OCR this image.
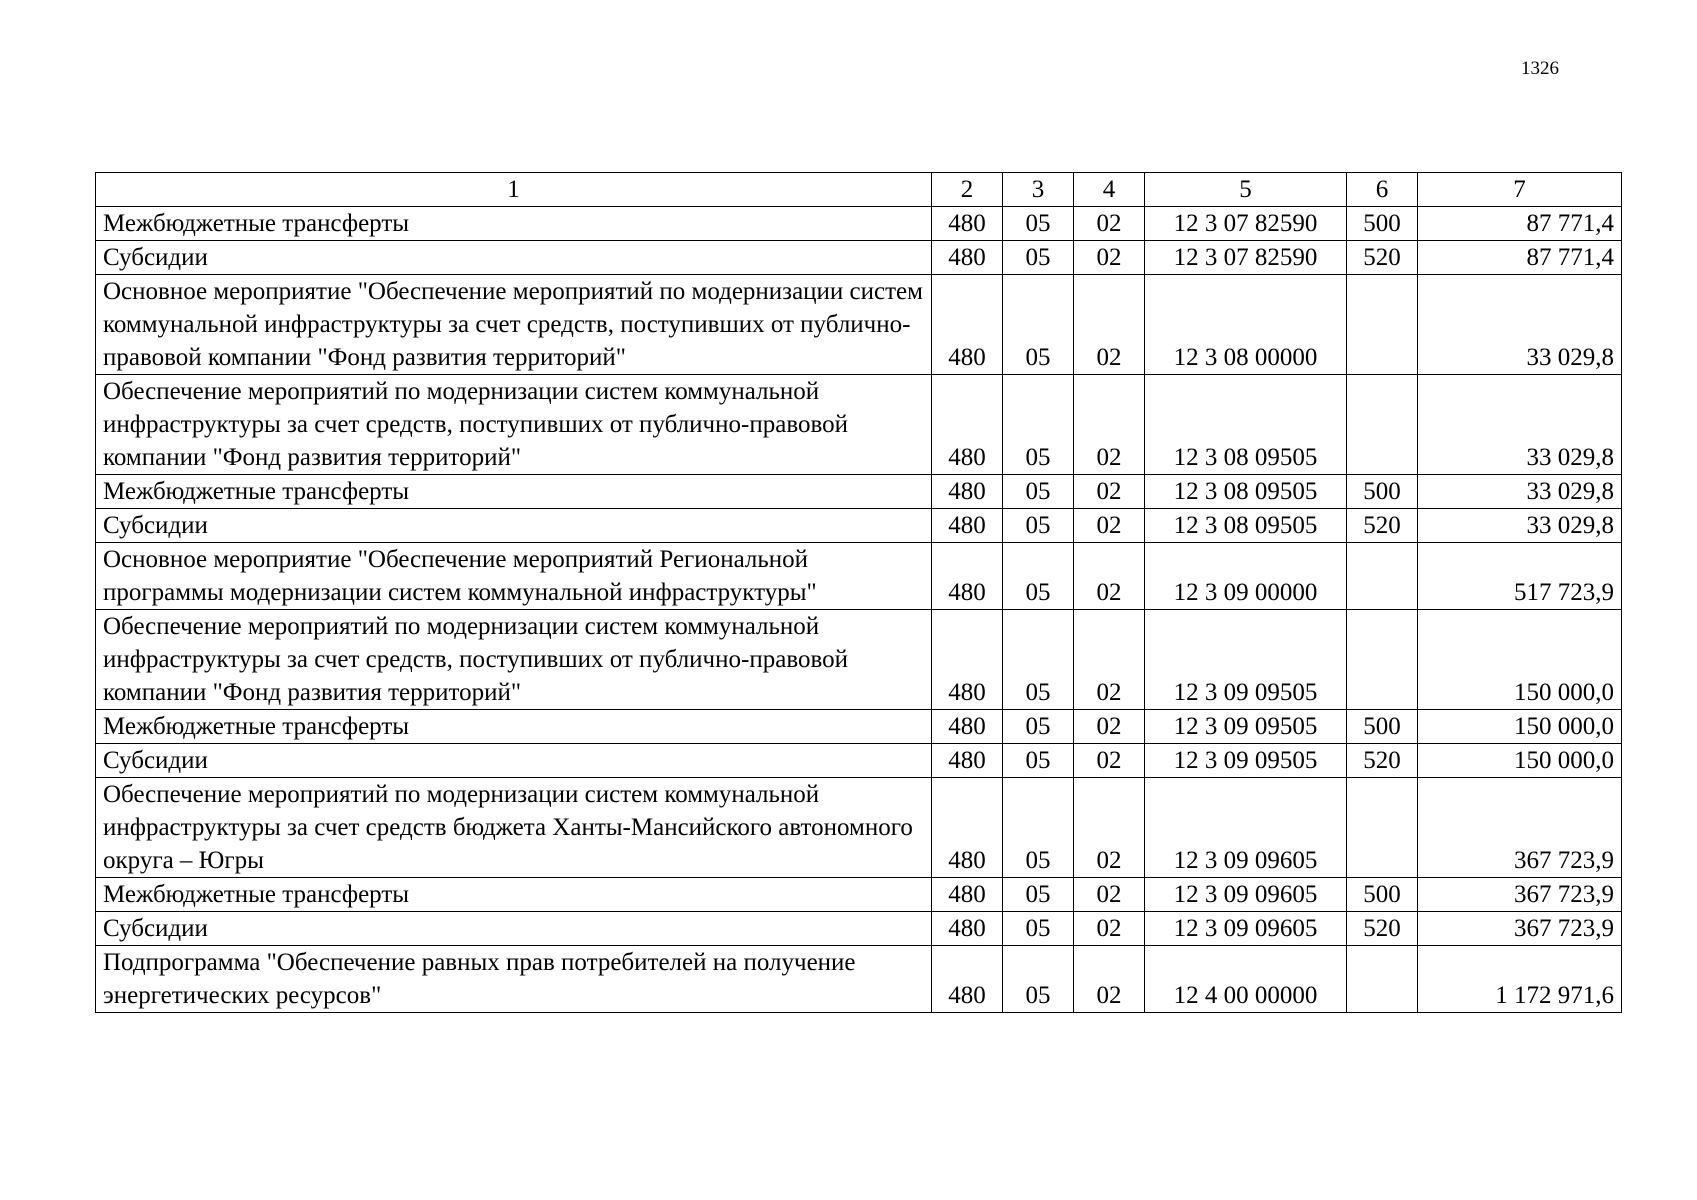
1326
1	2	3	4	5	6	7
Межбюджетные трансферты	480	05	02	12 3 07 82590	500	87 771,4
Субсидии	480	05	02	12 3 07 82590	520	87 771,4
Основное мероприятие "Обеспечение мероприятий по модернизации систем коммунальной инфраструктуры за счет средств, поступивших от публично-правовой компании "Фонд развития территорий"	480	05	02	12 3 08 00000		33 029,8
Обеспечение мероприятий по модернизации систем коммунальной инфраструктуры за счет средств, поступивших от публично-правовой компании "Фонд развития территорий"	480	05	02	12 3 08 09505		33 029,8
Межбюджетные трансферты	480	05	02	12 3 08 09505	500	33 029,8
Субсидии	480	05	02	12 3 08 09505	520	33 029,8
Основное мероприятие "Обеспечение мероприятий Региональной программы модернизации систем коммунальной инфраструктуры"	480	05	02	12 3 09 00000		517 723,9
Обеспечение мероприятий по модернизации систем коммунальной инфраструктуры за счет средств, поступивших от публично-правовой компании "Фонд развития территорий"	480	05	02	12 3 09 09505		150 000,0
Межбюджетные трансферты	480	05	02	12 3 09 09505	500	150 000,0
Субсидии	480	05	02	12 3 09 09505	520	150 000,0
Обеспечение мероприятий по модернизации систем коммунальной инфраструктуры за счет средств бюджета Ханты-Мансийского автономного округа – Югры	480	05	02	12 3 09 09605		367 723,9
Межбюджетные трансферты	480	05	02	12 3 09 09605	500	367 723,9
Субсидии	480	05	02	12 3 09 09605	520	367 723,9
Подпрограмма "Обеспечение равных прав потребителей на получение энергетических ресурсов"	480	05	02	12 4 00 00000		1 172 971,6
